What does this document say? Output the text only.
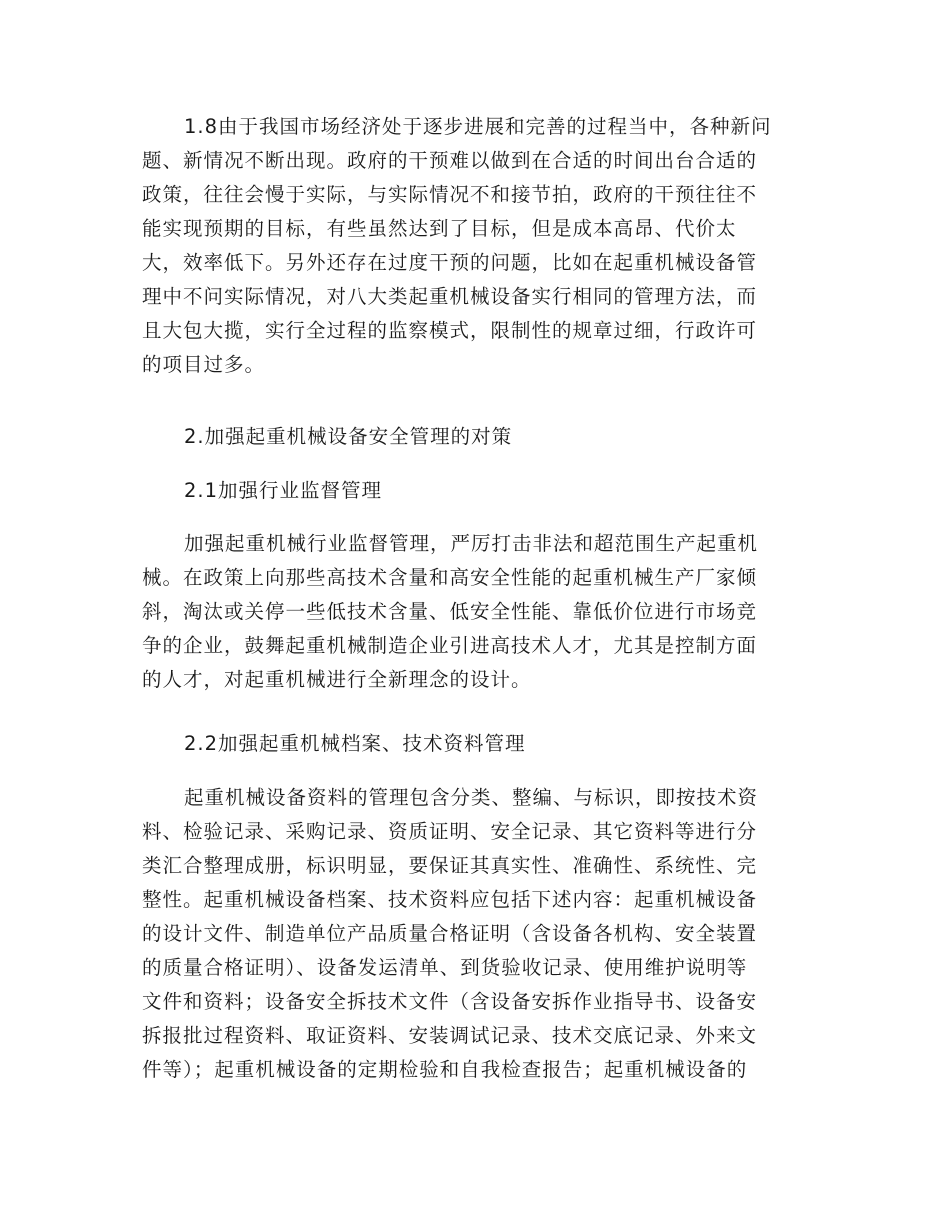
1.8由于我国市场经济处于逐步进展和完善的过程当中，各种新问
题、新情况不断出现。政府的干预难以做到在合适的时间出台合适的
政策，往往会慢于实际，与实际情况不和接节拍，政府的干预往往不
能实现预期的目标，有些虽然达到了目标，但是成本高昂、代价太
大，效率低下。另外还存在过度干预的问题，比如在起重机械设备管
理中不问实际情况，对八大类起重机械设备实行相同的管理方法，而
且大包大揽，实行全过程的监察模式，限制性的规章过细，行政许可
的项目过多。
2.加强起重机械设备安全管理的对策
2.1加强行业监督管理
加强起重机械行业监督管理，严厉打击非法和超范围生产起重机
械。在政策上向那些高技术含量和高安全性能的起重机械生产厂家倾
斜，淘汰或关停一些低技术含量、低安全性能、靠低价位进行市场竞
争的企业，鼓舞起重机械制造企业引进高技术人才，尤其是控制方面
的人才，对起重机械进行全新理念的设计。
2.2加强起重机械档案、技术资料管理
起重机械设备资料的管理包含分类、整编、与标识，即按技术资
料、检验记录、采购记录、资质证明、安全记录、其它资料等进行分
类汇合整理成册，标识明显，要保证其真实性、准确性、系统性、完
整性。起重机械设备档案、技术资料应包括下述内容：起重机械设备
的设计文件、制造单位产品质量合格证明（含设备各机构、安全装置
的质量合格证明）、设备发运清单、到货验收记录、使用维护说明等
文件和资料；设备安全拆技术文件（含设备安拆作业指导书、设备安
拆报批过程资料、取证资料、安装调试记录、技术交底记录、外来文
件等）；起重机械设备的定期检验和自我检查报告；起重机械设备的
